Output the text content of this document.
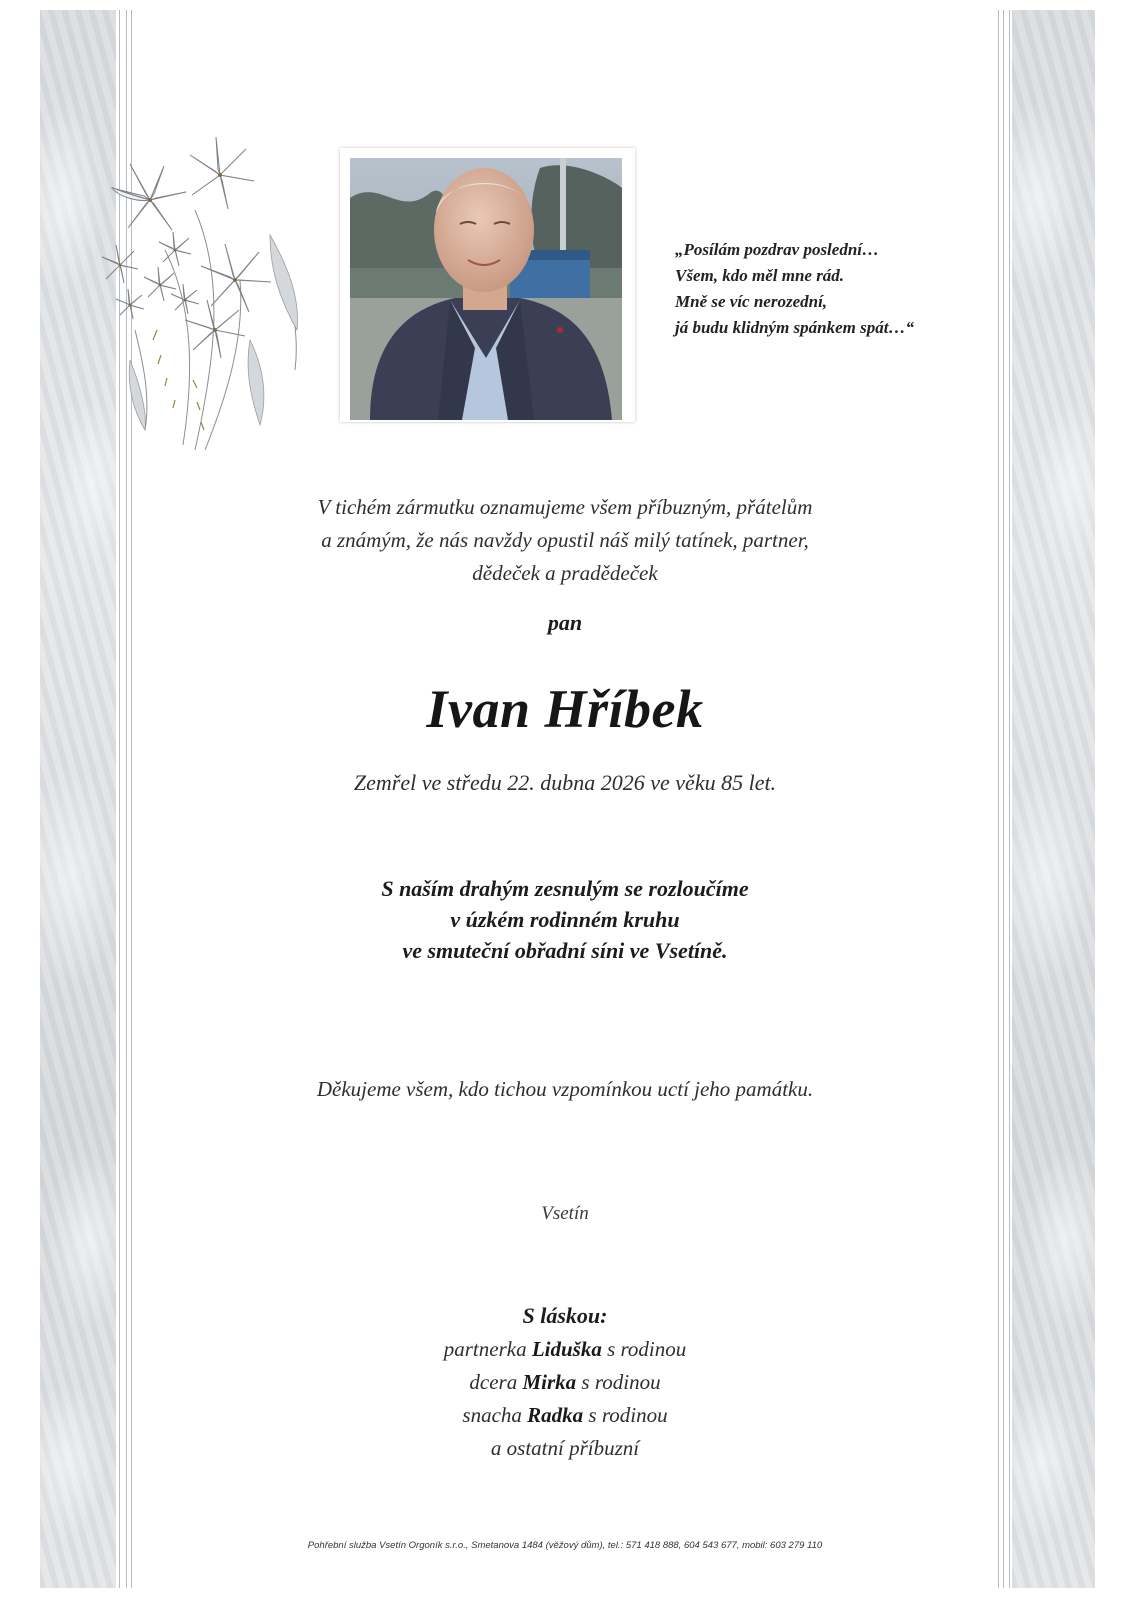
„Posílám pozdrav poslední…
Všem, kdo měl mne rád.
Mně se víc nerozední,
já budu klidným spánkem spát…“
V tichém zármutku oznamujeme všem příbuzným, přátelům
a známým, že nás navždy opustil náš milý tatínek, partner,
dědeček a pradědeček
pan
Ivan Hříbek
Zemřel ve středu 22. dubna 2026 ve věku 85 let.
S naším drahým zesnulým se rozloučíme
v úzkém rodinném kruhu
ve smuteční obřadní síni ve Vsetíně.
Děkujeme všem, kdo tichou vzpomínkou uctí jeho památku.
Vsetín
S láskou:
partnerka Liduška s rodinou
dcera Mirka s rodinou
snacha Radka s rodinou
a ostatní příbuzní
Pohřební služba Vsetín Orgoník s.r.o., Smetanova 1484 (věžový dům), tel.: 571 418 888, 604 543 677, mobil: 603 279 110
